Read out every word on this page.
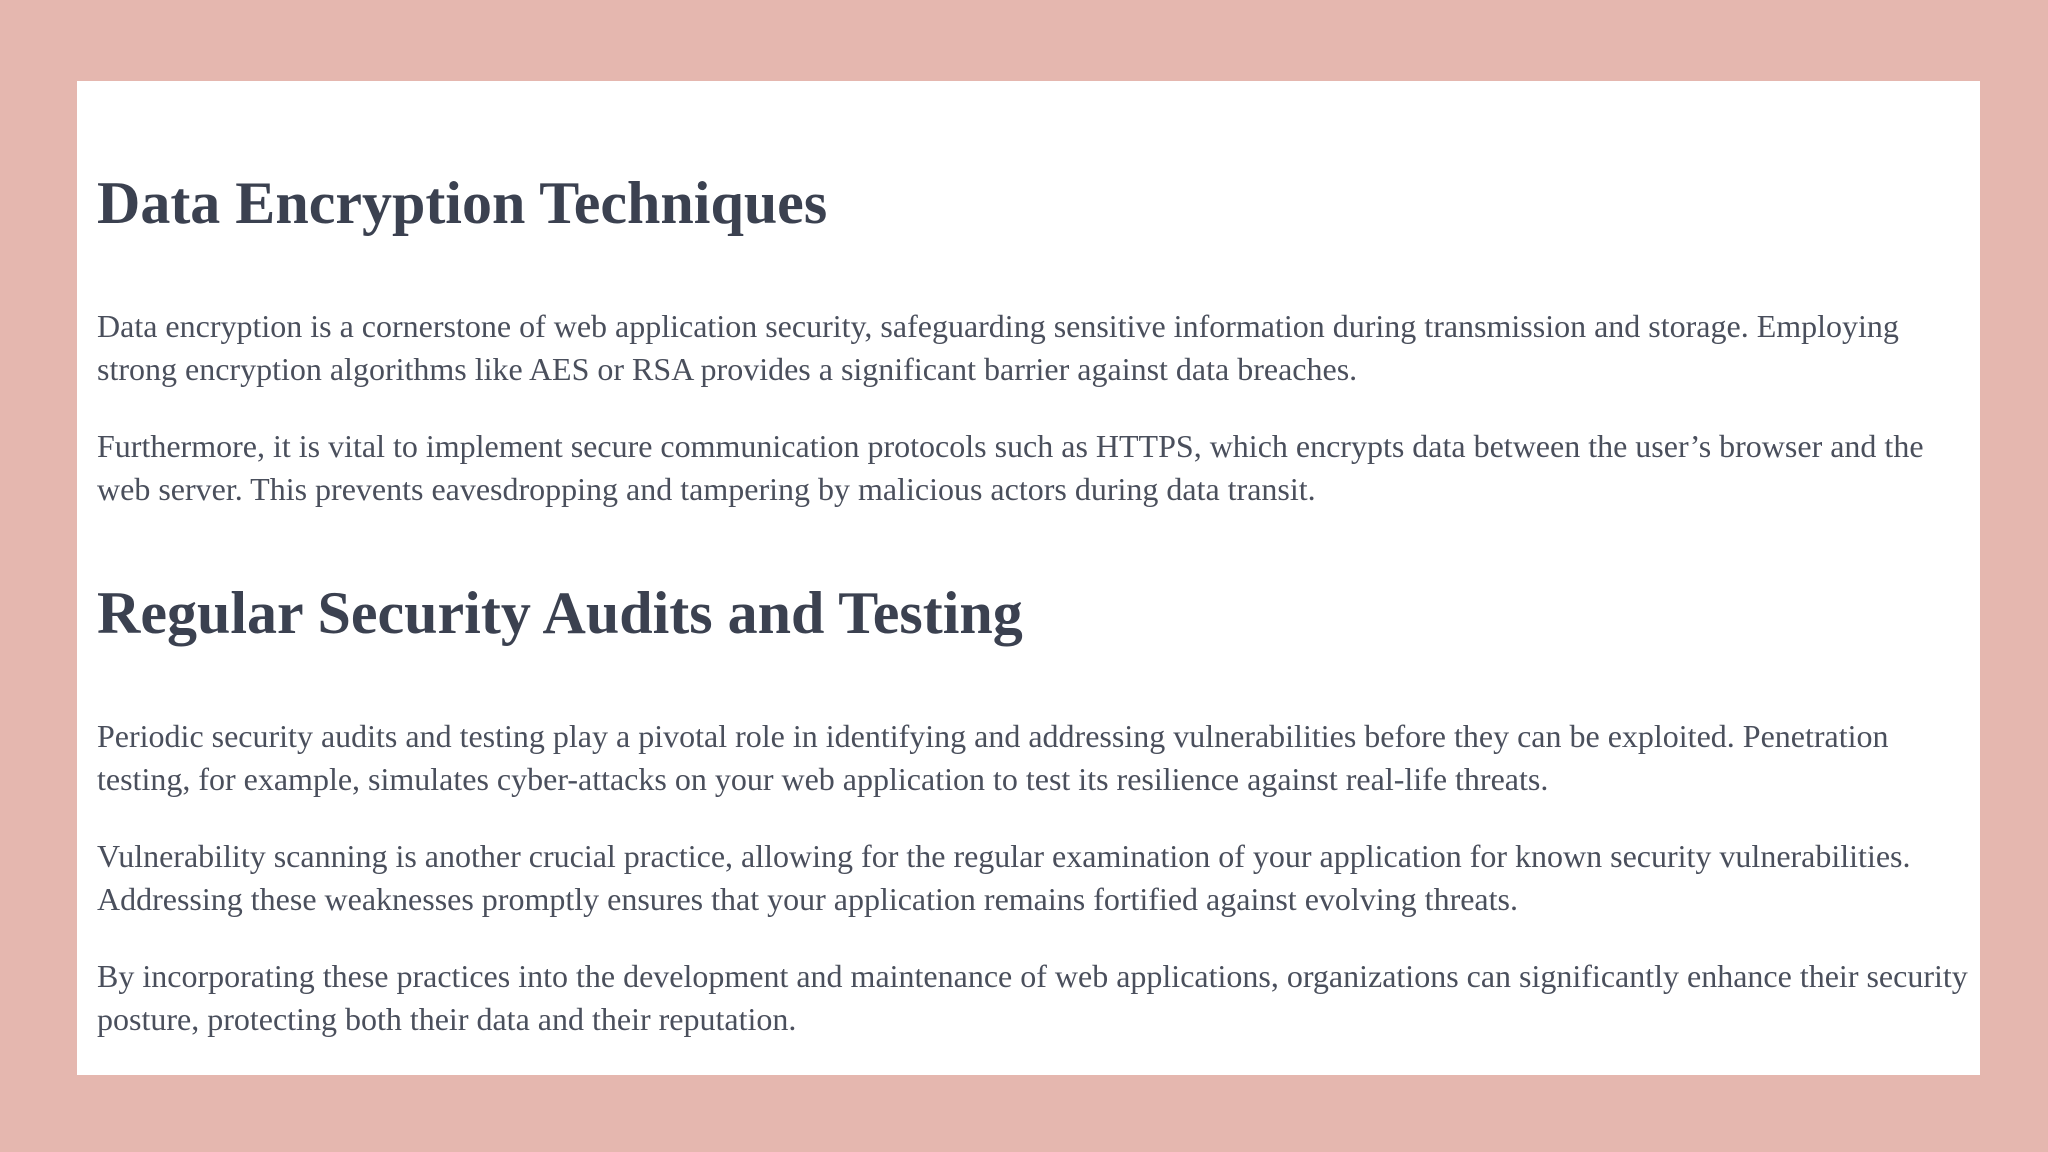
Data Encryption Techniques

Data encryption is a cornerstone of web application security, safeguarding sensitive information during transmission and storage. Employing strong encryption algorithms like AES or RSA provides a significant barrier against data breaches.

Furthermore, it is vital to implement secure communication protocols such as HTTPS, which encrypts data between the user’s browser and the web server. This prevents eavesdropping and tampering by malicious actors during data transit.

Regular Security Audits and Testing

Periodic security audits and testing play a pivotal role in identifying and addressing vulnerabilities before they can be exploited. Penetration testing, for example, simulates cyber-attacks on your web application to test its resilience against real-life threats.

Vulnerability scanning is another crucial practice, allowing for the regular examination of your application for known security vulnerabilities. Addressing these weaknesses promptly ensures that your application remains fortified against evolving threats.

By incorporating these practices into the development and maintenance of web applications, organizations can significantly enhance their security posture, protecting both their data and their reputation.
